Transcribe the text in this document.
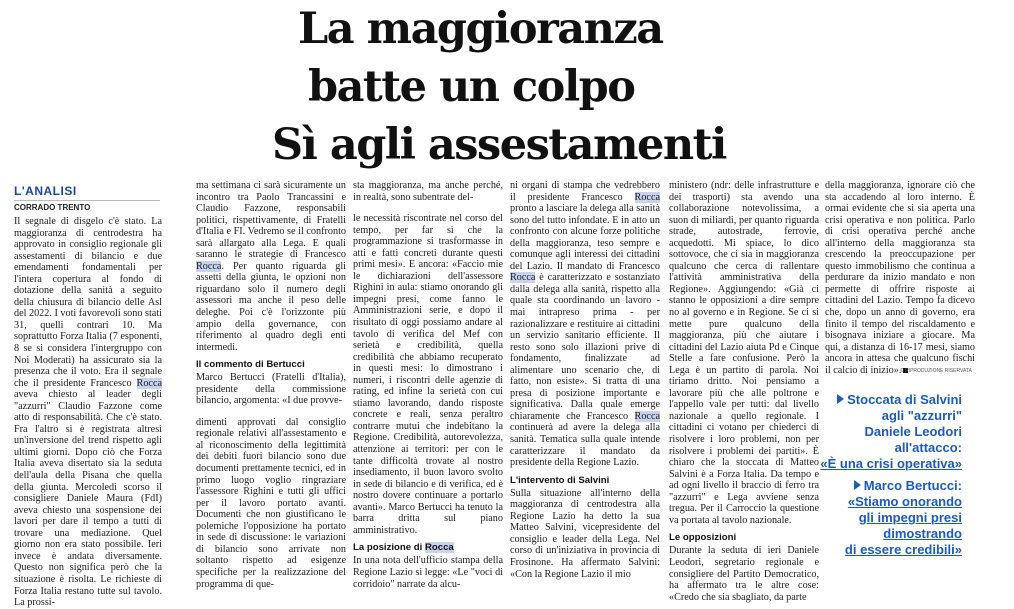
La maggioranza
batte un colpo
Sì agli assestamenti
L'ANALISI
CORRADO TRENTO

Il segnale di disgelo c'è stato. La maggioranza di centrodestra ha approvato in consiglio regionale gli assestamenti di bilancio e due emendamenti fondamentali per l'intera copertura al fondo di dotazione della sanità a seguito della chiusura di bilancio delle Asl del 2022. I voti favorevoli sono stati 31, quelli contrari 10. Ma soprattutto Forza Italia (7 esponenti, 8 se si considera l'intergruppo con Noi Moderati) ha assicurato sia la presenza che il voto. Era il segnale che il presidente Francesco Rocca aveva chiesto al leader degli "azzurri" Claudio Fazzone come atto di responsabilità. Che c'è stato. Fra l'altro si è registrata altresì un'inversione del trend rispetto agli ultimi giorni. Dopo ciò che Forza Italia aveva disertato sia la seduta dell'aula della Pisana che quella della giunta. Mercoledì scorso il consigliere Daniele Maura (FdI) aveva chiesto una sospensione dei lavori per dare il tempo a tutti di trovare una mediazione. Quel giorno non era stato possibile. Ieri invece è andata diversamente. Questo non significa però che la situazione è risolta. Le richieste di Forza Italia restano tutte sul tavolo. La prossi-

ma settimana ci sarà sicuramente un incontro tra Paolo Trancassini e Claudio Fazzone, responsabili politici, rispettivamente, di Fratelli d'Italia e FI. Vedremo se il confronto sarà allargato alla Lega. E quali saranno le strategie di Francesco Rocca. Per quanto riguarda gli assetti della giunta, le opzioni non riguardano solo il numero degli assessori ma anche il peso delle deleghe. Poi c'è l'orizzonte più ampio della governance, con riferimento al quadro degli enti intermedi.

Il commento di Bertucci

Marco Bertucci (Fratelli d'Italia), presidente della commissione bilancio, argomenta: «I due provve-

dimenti approvati dal consiglio regionale relativi all'assestamento e al riconoscimento della legittimità dei debiti fuori bilancio sono due documenti prettamente tecnici, ed in primo luogo voglio ringraziare l'assessore Righini e tutti gli uffici per il lavoro portato avanti. Documenti che non giustificano le polemiche l'opposizione ha portato in sede di discussione: le variazioni di bilancio sono arrivate non soltanto rispetto ad esigenze specifiche per la realizzazione del programma di que-

sta maggioranza, ma anche perché, in realtà, sono subentrate del-

le necessità riscontrate nel corso del tempo, per far sì che la programmazione si trasformasse in atti e fatti concreti durante questi primi mesi». E ancora: «Faccio mie le dichiarazioni dell'assessore Righini in aula: stiamo onorando gli impegni presi, come fanno le Amministrazioni serie, e dopo il risultato di oggi possiamo andare al tavolo di verifica del Mef con serietà e credibilità, quella credibilità che abbiamo recuperato in questi mesi: lo dimostrano i numeri, i riscontri delle agenzie di rating, ed infine la serietà con cui stiamo lavorando, dando risposte concrete e reali, senza peraltro contrarre mutui che indebitano la Regione. Credibilità, autorevolezza, attenzione ai territori: per con le tante difficoltà trovate al nostro insediamento, il buon lavoro svolto in sede di bilancio e di verifica, ed è nostro dovere continuare a portarlo avanti». Marco Bertucci ha tenuto la barra dritta sul piano amministrativo.

La posizione di Rocca

In una nota dell'ufficio stampa della Regione Lazio si legge: «Le "voci di corridoio" narrate da alcu-

ni organi di stampa che vedrebbero il presidente Francesco Rocca pronto a lasciare la delega alla sanità sono del tutto infondate. E in atto un confronto con alcune forze politiche della maggioranza, teso sempre e comunque agli interessi dei cittadini del Lazio. Il mandato di Francesco Rocca è caratterizzato e sostanziato dalla delega alla sanità, rispetto alla quale sta coordinando un lavoro - mai intrapreso prima - per razionalizzare e restituire ai cittadini un servizio sanitario efficiente. Il resto sono solo illazioni prive di fondamento, finalizzate ad alimentare uno scenario che, di fatto, non esiste». Si tratta di una presa di posizione importante e significativa. Dalla quale emerge chiaramente che Francesco Rocca continuerà ad avere la delega alla sanità. Tematica sulla quale intende caratterizzare il mandato da presidente della Regione Lazio.

L'intervento di Salvini

Sulla situazione all'interno della maggioranza di centrodestra alla Regione Lazio ha detto la sua Matteo Salvini, vicepresidente del consiglio e leader della Lega. Nel corso di un'iniziativa in provincia di Frosinone. Ha affermato Salvini: «Con la Regione Lazio il mio

ministero (ndr: delle infrastrutture e dei trasporti) sta avendo una collaborazione notevolissima, a suon di miliardi, per quanto riguarda strade, autostrade, ferrovie, acquedotti. Mi spiace, lo dico sottovoce, che ci sia in maggioranza qualcuno che cerca di rallentare l'attività amministrativa della Regione». Aggiungendo: «Già ci stanno le opposizioni a dire sempre no al governo e in Regione. Se ci si mette pure qualcuno della maggioranza, più che aiutare i cittadini del Lazio aiuta Pd e Cinque Stelle a fare confusione. Però la Lega è un partito di parola. Noi tiriamo dritto. Noi pensiamo a lavorare più che alle poltrone e l'appello vale per tutti: dal livello nazionale a quello regionale. I cittadini ci votano per chiederci di risolvere i loro problemi, non per risolvere i problemi dei partiti». È chiaro che la stoccata di Matteo Salvini è a Forza Italia. Da tempo e ad ogni livello il braccio di ferro tra "azzurri" e Lega avviene senza tregua. Per il Carroccio la questione va portata al tavolo nazionale.

Le opposizioni

Durante la seduta di ieri Daniele Leodori, segretario regionale e consigliere del Partito Democratico, ha affermato tra le altre cose: «Credo che sia sbagliato, da parte

della maggioranza, ignorare ciò che sta accadendo al loro interno. È ormai evidente che si sia aperta una crisi operativa e non politica. Parlo di crisi operativa perché anche all'interno della maggioranza sta crescendo la preoccupazione per questo immobilismo che continua a perdurare da inizio mandato e non permette di offrire risposte ai cittadini del Lazio. Tempo fa dicevo che, dopo un anno di governo, era finito il tempo del riscaldamento e bisognava iniziare a giocare. Ma qui, a distanza di 16-17 mesi, siamo ancora in attesa che qualcuno fischi il calcio di inizio».

© RIPRODUZIONE RISERVATA
Stoccata di Salvini
agli "azzurri"
Daniele Leodori
all'attacco:
«È una crisi operativa»
Marco Bertucci:
«Stiamo onorando
gli impegni presi
dimostrando
di essere credibili»
